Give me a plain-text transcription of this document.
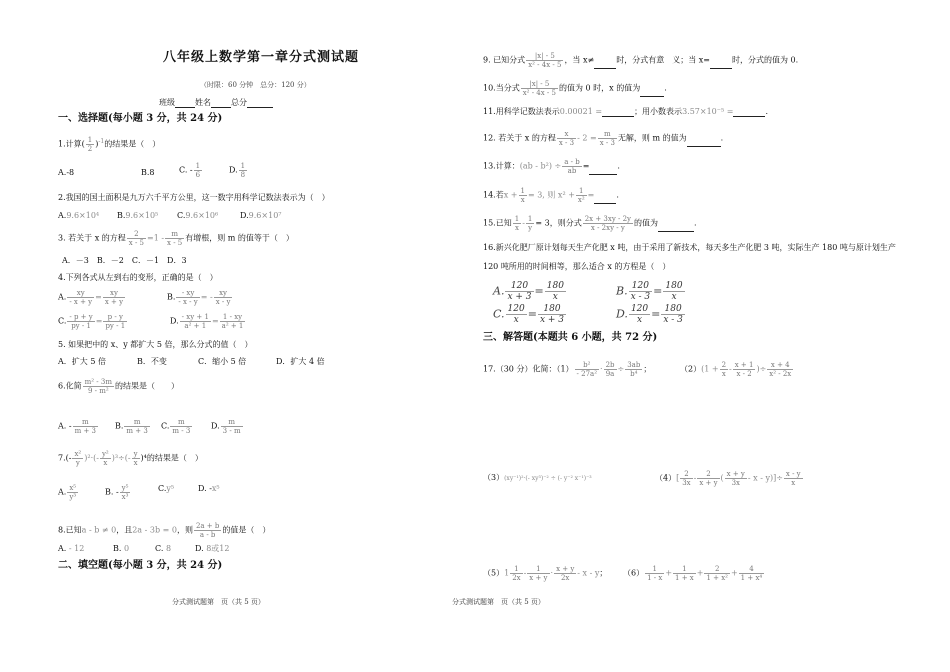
八年级上数学第一章分式测试题
（时限：60 分钟　总分：120 分）
班级	姓名	总分
一、选择题(每小题 3 分，共 24 分)
1.计算( $\frac{1}{2} )^{-1}$的结果是（　）
A.-8	B.8	C. - $\frac{1}{6}$	D. $\frac{1}{8}$
2.我国的国土面积是九万六千平方公里，这一数字用科学记数法表示为（　）
A.9.6×10⁴ B.9.6×10⁵ C.9.6×10⁶	D.9.6×10⁷
3. 若关于 x 的方程 $\frac{2}{x - 5} =1 - \frac{m}{x - 5}$ 有增根，则 m 的值等于（　）
A．－3　B．－2　C．－1　D．3
4.下列各式从左到右的变形，正确的是（　）
A. $\frac{xy}{- x + y} = \frac{xy}{x + y}$	B. $\frac{- xy}{- x - y}$ = - $\frac{xy}{x - y}$
C. $\frac{- p + y}{py - 1} = \frac{p - y}{py - 1}$	D. $\frac{- xy + 1}{\text{a² + 1}} = \frac{1 - xy}{\text{a² + 1}}$
5. 如果把中的 x、y 都扩大 5 倍，那么分式的值（　）
A．扩大 5 倍	B．不变	C．缩小 5 倍	D．扩大 4 倍
6.化简 $\frac{\text{m² - 3m}}{\text{9 - m²}}$ 的结果是（　　）
A. - $\frac{m}{m + 3} B$. $\frac{m}{m + 3} C$. $\frac{m}{m - 3} D$. $\frac{m}{3 - m}$
$7.(- \frac{\text{x²}}{y} )^2\cdot(- \frac{\text{y²}}{x} )^3\div(- \frac{y}{x} )^4$的结果是（　）
A. $\frac{\text{x⁵}}{\text{y³}}$	B. - $\frac{\text{y⁵}}{\text{x³}}$	C.y⁵	D. -x⁵
8.已知a - b ≠ 0，且2a - 3b = 0，则 $\frac{2a + b}{a - b}$ 的值是（　）
A. - 12	B. 0	C. 8	D. 8或12
二、填空题(每小题 3 分，共 24 分)
分式测试题第　页（共 5 页）
9. 已知分式 $\frac{|x| - 5}{\text{x² - 4x - 5}}$ ，当 x≠	时，分式有意　义；当 x=	时，分式的值为 0.
10.当分式 $\frac{|x| - 5}{\text{x² - 4x - 5}}$ 的值为 0 时，x 的值为	.
11.用科学记数法表示0.00021 =	；用小数表示3.57×10⁻⁵ =	.
12. 若关于 x 的方程 $\frac{x}{x - 3} - 2 = \frac{m}{x - 3}$ 无解，则 m 的值为	.
13.计算：$(ab - b^2) \div \frac{a - b}{ab}$ =	.
14.若$x + \frac{1}{x} = 3$, 则 $x^2 + \frac{1}{\text{x²}}$ =	.
15.已知 $\frac{1}{x} - \frac{1}{y} = 3$，则分式 $\frac{2x + 3xy - 2y}{x - 2xy - y}$ 的值为	.
16.新兴化肥厂原计划每天生产化肥 x 吨，由于采用了新技术，每天多生产化肥 3 吨，实际生产 180 吨与原计划生产
120 吨所用的时间相等，那么适合 x 的方程是（　）
A. $\frac{120}{x + 3} = \frac{180}{x}$	B. $\frac{120}{x - 3} = \frac{180}{x}$
C. $\frac{120}{x} = \frac{180}{x + 3}$	D. $\frac{120}{x} = \frac{180}{x - 3}$
三、解答题(本题共 6 小题，共 72 分)
17.（30 分）化简：$(1) \frac{\text{b²}}{\text{- 27a²}} \cdot \frac{2b}{9a} \div \frac{3ab}{\text{b⁴}}$ ；	$(2)(1 + \frac{2}{x} - \frac{x + 1}{x - 2}$ )÷ $\frac{x + 4}{\text{x² - 2x}}$
（3）(xy⁻¹)²·(- xy³)⁻² ÷ (- y⁻² x⁻¹)⁻³	$(4)[ \frac{2}{3x} - \frac{2}{x + y}$ ( $\frac{x + y}{3x} - x - y)]\div \frac{x - y}{x}$
$(5)1 \frac{1}{2x} - \frac{1}{x + y} \cdot \frac{x + y}{2x} - x - y$； $(6) \frac{1}{1 - x} + \frac{1}{1 + x} + \frac{2}{\text{1 + x²}} + \frac{4}{\text{1 + x⁴}}$
分式测试题第　页（共 5 页）
